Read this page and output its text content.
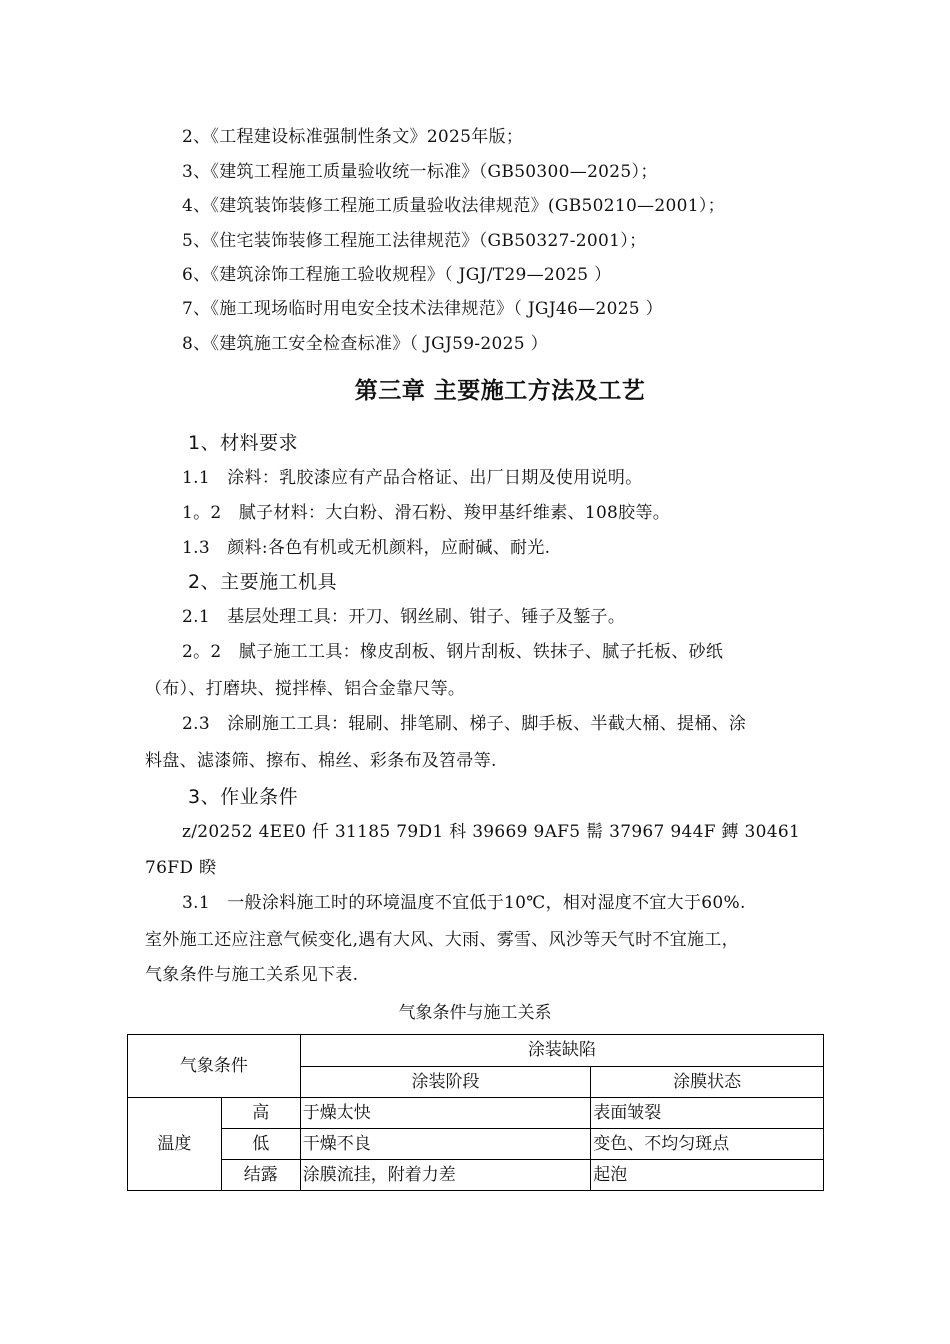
2、《工程建设标准强制性条文》2025年版；
3、《建筑工程施工质量验收统一标准》（GB50300—2025）；
4、《建筑装饰装修工程施工质量验收法律规范》(GB50210—2001）；
5、《住宅装饰装修工程施工法律规范》（GB50327-2001）；
6、《建筑涂饰工程施工验收规程》（ JGJ/T29—2025 ）
7、《施工现场临时用电安全技术法律规范》（ JGJ46—2025 ）
8、《建筑施工安全检查标准》（ JGJ59-2025 ）
第三章 主要施工方法及工艺
1、材料要求
1.1　涂料：乳胶漆应有产品合格证、出厂日期及使用说明。
1。2　腻子材料：大白粉、滑石粉、羧甲基纤维素、108胶等。
1.3　颜料:各色有机或无机颜料，应耐碱、耐光.
2、主要施工机具
2.1　基层处理工具：开刀、钢丝刷、钳子、锤子及錾子。
2。2　腻子施工工具：橡皮刮板、钢片刮板、铁抹子、腻子托板、砂纸
（布）、打磨块、搅拌棒、铝合金靠尺等。
2.3　涂刷施工工具：辊刷、排笔刷、梯子、脚手板、半截大桶、提桶、涂
料盘、滤漆筛、擦布、棉丝、彩条布及笤帚等.
3、作业条件
z/20252 4EE0 仟 31185 79D1 科 39669 9AF5 髵 37967 944F 鏄 30461
76FD 睽
3.1　一般涂料施工时的环境温度不宜低于10℃，相对湿度不宜大于60%.
室外施工还应注意气候变化,遇有大风、大雨、雾雪、风沙等天气时不宜施工，
气象条件与施工关系见下表.
气象条件与施工关系
气象条件		涂装缺陷	
		涂装阶段	涂膜状态
温度	高	于燥太快	表面皱裂
	低	干燥不良	变色、不均匀斑点
	结露	涂膜流挂，附着力差	起泡
